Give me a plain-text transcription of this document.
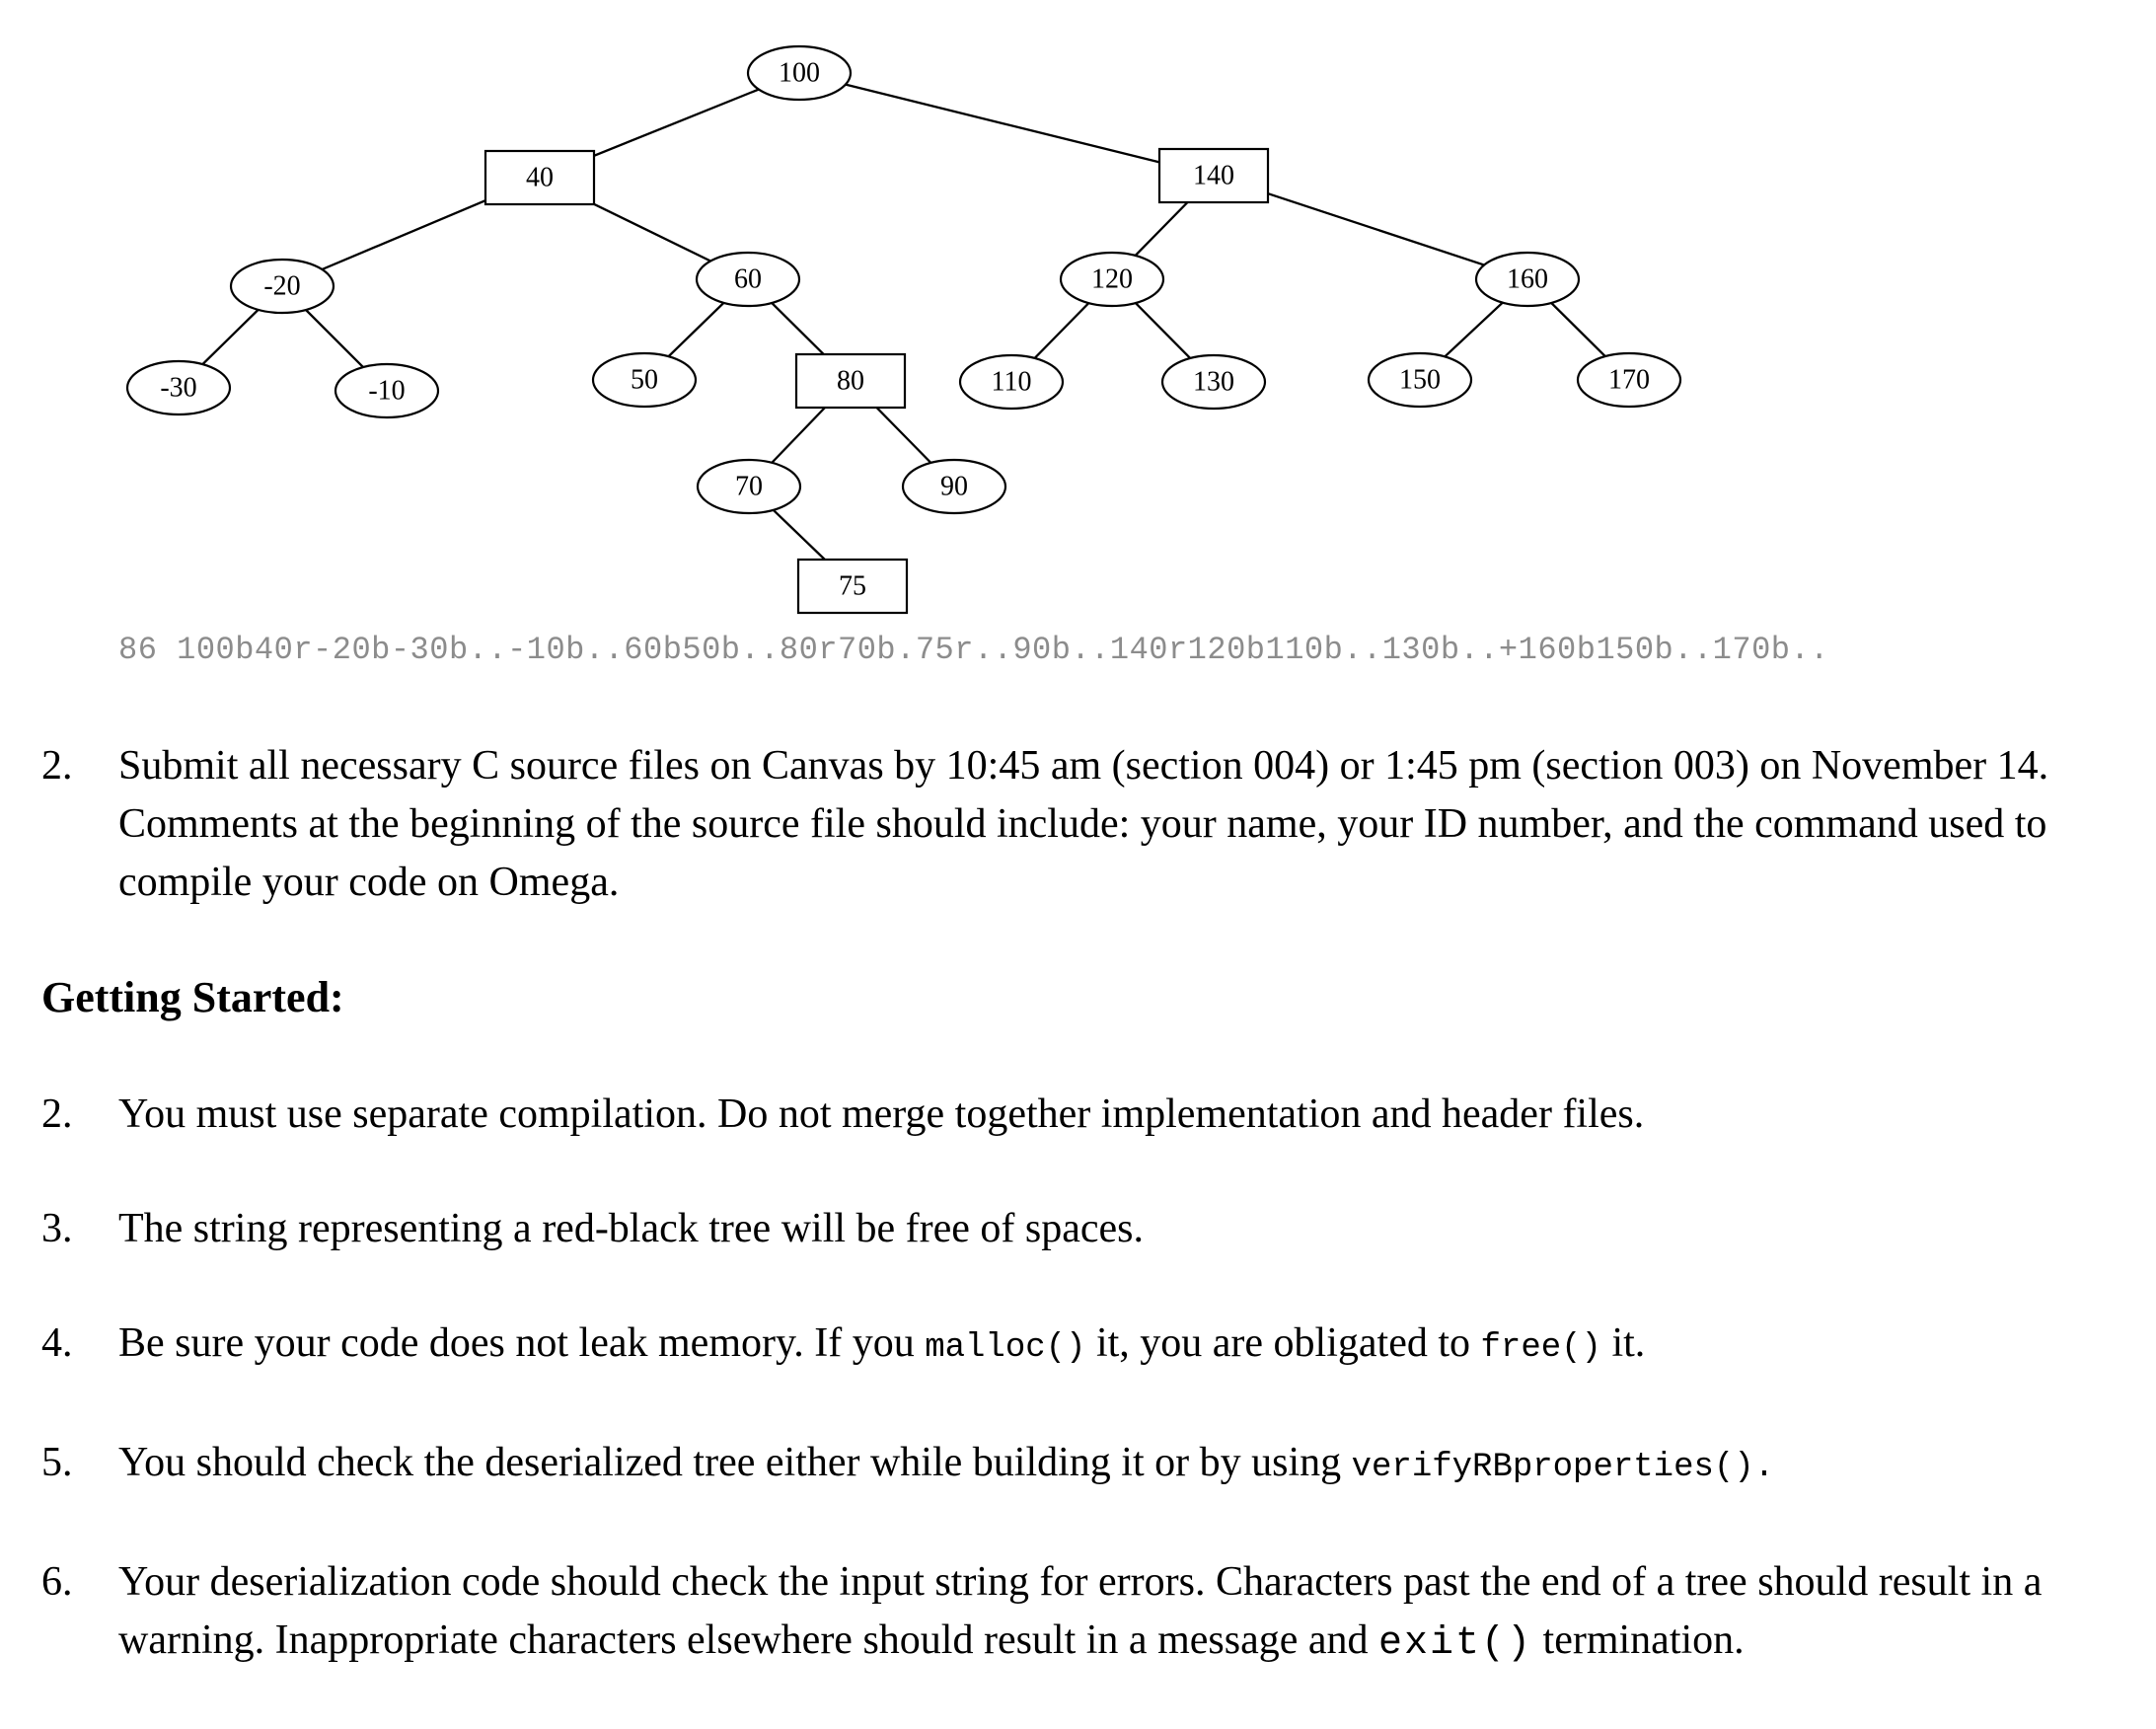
100
40	140
-20	60	120	160
-30	-10	50	80	110	130	150	170
70	90
75
86 100b40r-20b-30b..-10b..60b50b..80r70b.75r..90b..140r120b110b..130b..+160b150b..170b..
2.	Submit all necessary C source files on Canvas by 10:45 am (section 004) or 1:45 pm (section 003) on November 14. Comments at the beginning of the source file should include: your name, your ID number, and the command used to compile your code on Omega.
Getting Started:
2.	You must use separate compilation. Do not merge together implementation and header files.
3.	The string representing a red-black tree will be free of spaces.
4.	Be sure your code does not leak memory. If you malloc() it, you are obligated to free() it.
5.	You should check the deserialized tree either while building it or by using verifyRBproperties().
6.	Your deserialization code should check the input string for errors. Characters past the end of a tree should result in a warning. Inappropriate characters elsewhere should result in a message and exit() termination.
